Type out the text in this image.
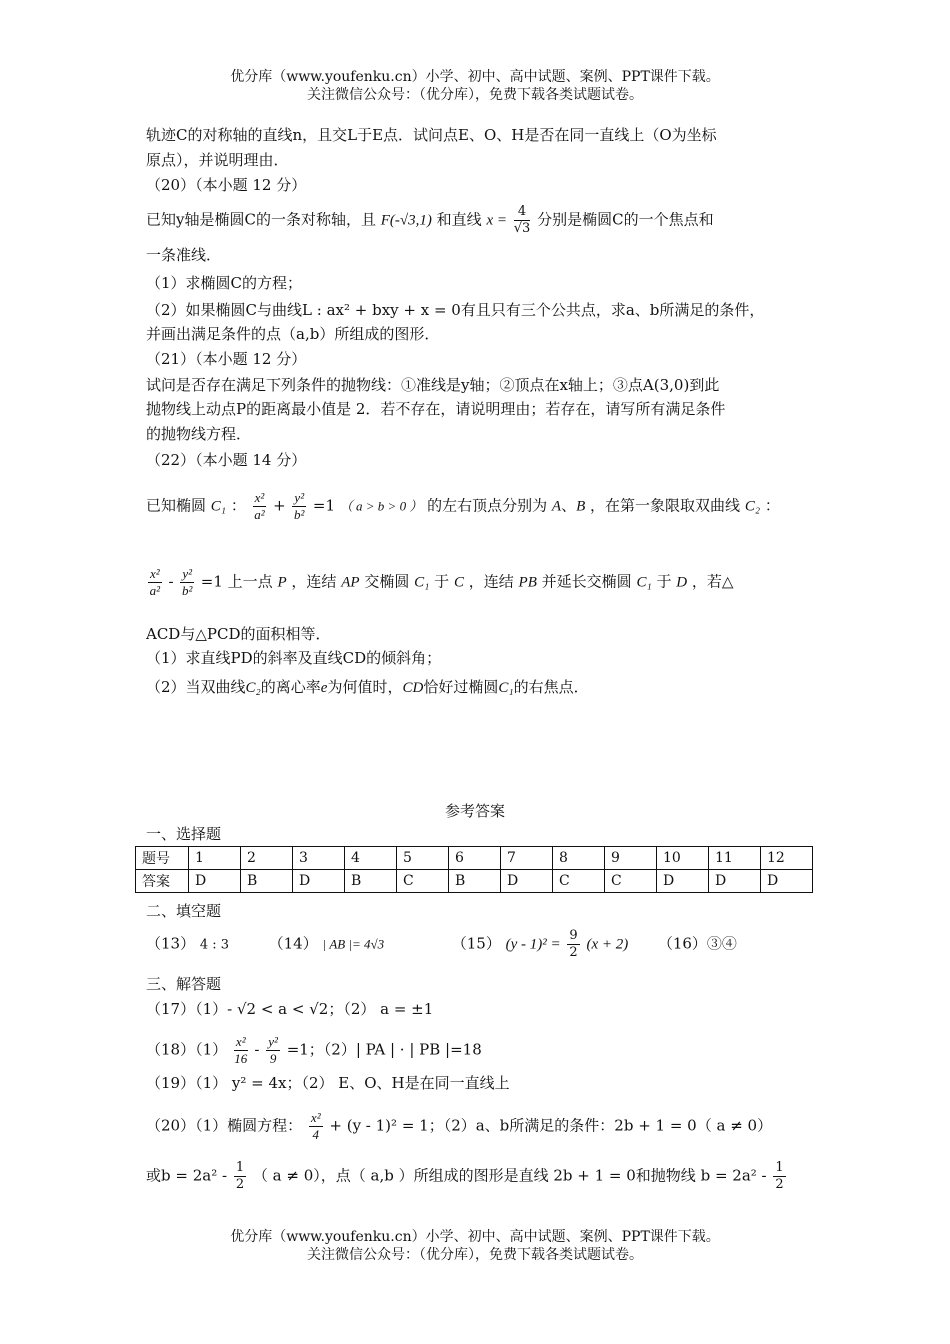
优分库（www.youfenku.cn）小学、初中、高中试题、案例、PPT课件下载。
关注微信公众号：（优分库），免费下载各类试题试卷。
轨迹C的对称轴的直线n，且交L于E点．试问点E、O、H是否在同一直线上（O为坐标
原点），并说明理由．
（20）（本小题 12 分）
已知y轴是椭圆C的一条对称轴，且 F(-√3,1) 和直线 $x = \frac{4}{√3}$ 分别是椭圆C的一个焦点和
一条准线．
（1）求椭圆C的方程；
（2）如果椭圆C与曲线L : ax² + bxy + x = 0有且只有三个公共点，求a、b所满足的条件，
并画出满足条件的点（a,b）所组成的图形．
（21）（本小题 12 分）
试问是否存在满足下列条件的抛物线：①准线是y轴；②顶点在x轴上；③点A(3,0)到此
抛物线上动点P的距离最小值是 2．若不存在，请说明理由；若存在，请写所有满足条件
的抛物线方程．
（22）（本小题 14 分）
已知椭圆 C₁ ： $\frac{\text{x²}}{\text{a²}} + \frac{\text{y²}}{\text{b²}} =1$ （ a > b > 0 ） 的左右顶点分别为 A、B ，在第一象限取双曲线 C₂ ：
$\frac{\text{x²}}{\text{a²}} - \frac{\text{y²}}{\text{b²}} =1$ 上一点 P ，连结 AP 交椭圆 C₁ 于 C ，连结 PB 并延长交椭圆 C₁ 于 D ，若△
ACD与△PCD的面积相等．
（1）求直线PD的斜率及直线CD的倾斜角；
（2）当双曲线C₂的离心率e为何值时，CD恰好过椭圆C₁的右焦点．
参考答案
一、选择题
题号	1	2	3	4	5	6	7	8	9	10	11	12
答案	D	B	D	B	C	B	D	C	C	D	D	D
二、填空题
（13） 4 : 3	（14） | AB |= 4√3	（15） $(y - 1)^2 = \frac{9}{2} (x + 2)$ （16）③④
三、解答题
（17）（1）- √2 < a < √2；（2） a = ±1
$(18)(1) \frac{\text{x²}}{16} - \frac{\text{y²}}{9} =1$；（2）| PA | · | PB |=18
（19）（1） y² = 4x；（2） E、O、H是在同一直线上
（20）（1）椭圆方程： $\frac{\text{x²}}{4} + (y - 1)^2 = 1$；（2）a、b所满足的条件：2b + 1 = 0（ a ≠ 0）
或$b = 2a^2 - \frac{1}{2}$ （ a ≠ 0），点（ a,b ）所组成的图形是直线 2b + 1 = 0和抛物线 $b = 2a^2 - \frac{1}{2}$
优分库（www.youfenku.cn）小学、初中、高中试题、案例、PPT课件下载。
关注微信公众号：（优分库），免费下载各类试题试卷。
